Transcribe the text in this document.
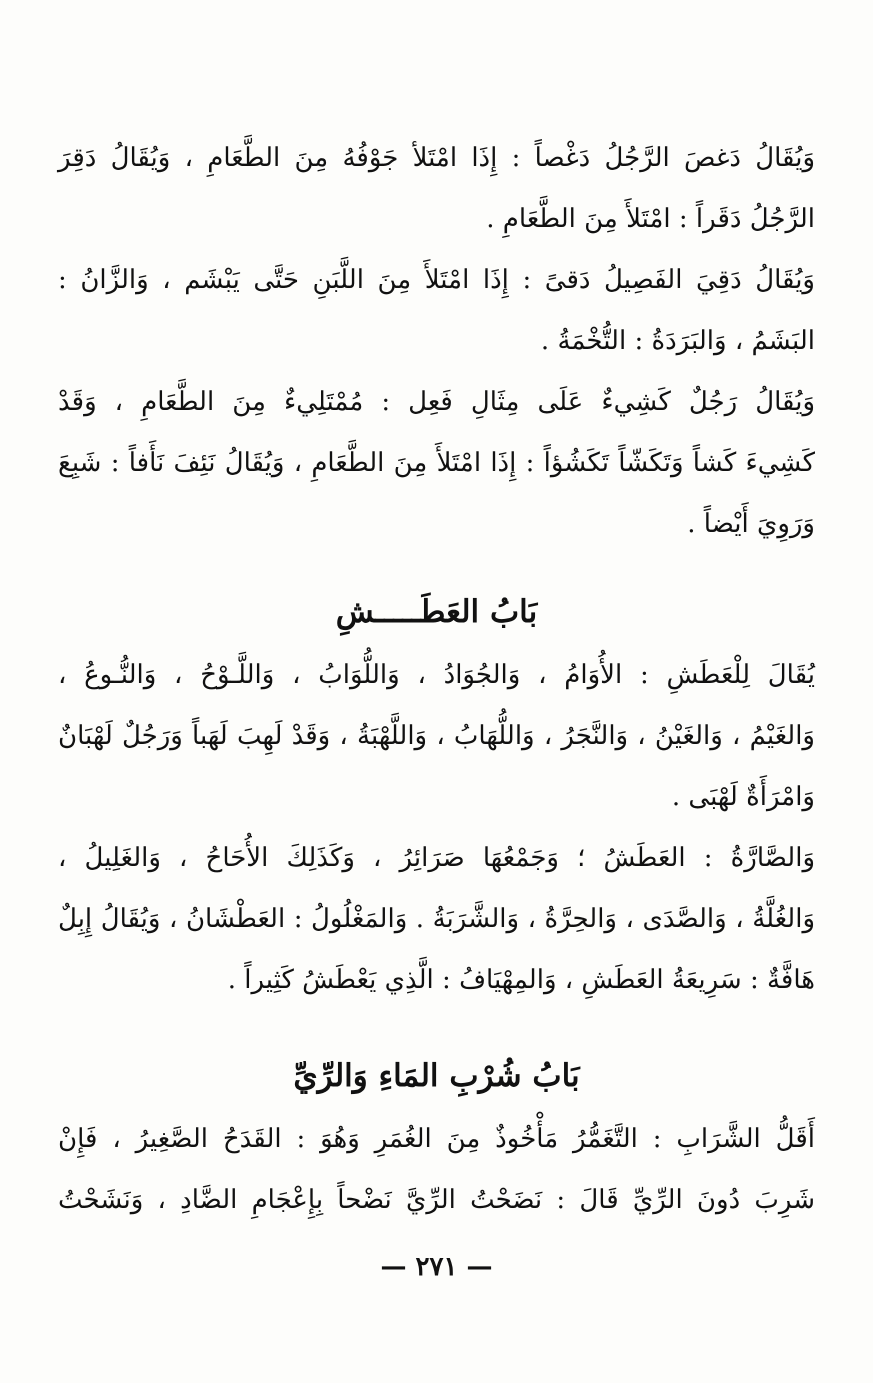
وَيُقَالُ دَغصَ الرَّجُلُ دَغْصاً : إِذَا امْتَلأ جَوْفُهُ مِنَ الطَّعَامِ ، وَيُقَالُ دَقِرَ
الرَّجُلُ دَقَراً : امْتَلأَ مِنَ الطَّعَامِ .

وَيُقَالُ دَقِيَ الفَصِيلُ دَقىً : إِذَا امْتَلأَ مِنَ اللَّبَنِ حَتَّى يَبْشَم ، وَالزَّانُ :
البَشَمُ ، وَالبَرَدَةُ : التُّخْمَةُ .

وَيُقَالُ رَجُلٌ كَشِيءٌ عَلَى مِثَالِ فَعِل : مُمْتَلِيءٌ مِنَ الطَّعَامِ ، وَقَدْ
كَشِيءَ كَشاً وَتَكَشّاً تَكَشُؤاً : إِذَا امْتَلأَ مِنَ الطَّعَامِ ، وَيُقَالُ نَئِفَ نَأَفاً : شَبِعَ
وَرَوِيَ أَيْضاً .

بَابُ العَطَـــــشِ

يُقَالَ لِلْعَطَشِ : الأُوَامُ ، وَالجُوَادُ ، وَاللُّوَابُ ، وَاللَّـوْحُ ، وَالنُّـوعُ ،
وَالغَيْمُ ، وَالغَيْنُ ، وَالنَّجَرُ ، وَاللُّهَابُ ، وَاللَّهْبَةُ ، وَقَدْ لَهِبَ لَهَباً وَرَجُلٌ لَهْبَانٌ
وَامْرَأَةٌ لَهْبَى .

وَالصَّارَّةُ : العَطَشُ ؛ وَجَمْعُهَا صَرَائِرُ ، وَكَذَلِكَ الأُحَاحُ ، وَالغَلِيلُ ،
وَالغُلَّةُ ، وَالصَّدَى ، وَالحِرَّةُ ، وَالشَّرَبَةُ . وَالمَغْلُولُ : العَطْشَانُ ، وَيُقَالُ إِبِلٌ
هَافَّةٌ : سَرِيعَةُ العَطَشِ ، وَالمِهْيَافُ : الَّذِي يَعْطَشُ كَثِيراً .

بَابُ شُرْبِ المَاءِ وَالرِّيِّ

أَقَلُّ الشَّرَابِ : التَّغَمُّرُ مَأْخُوذٌ مِنَ الغُمَرِ وَهُوَ : القَدَحُ الصَّغِيرُ ، فَإِنْ
شَرِبَ دُونَ الرِّيِّ قَالَ : نَضَحْتُ الرِّيَّ نَضْحاً بِإِعْجَامِ الضَّادِ ، وَنَشَحْتُ

— ٢٧١ —
